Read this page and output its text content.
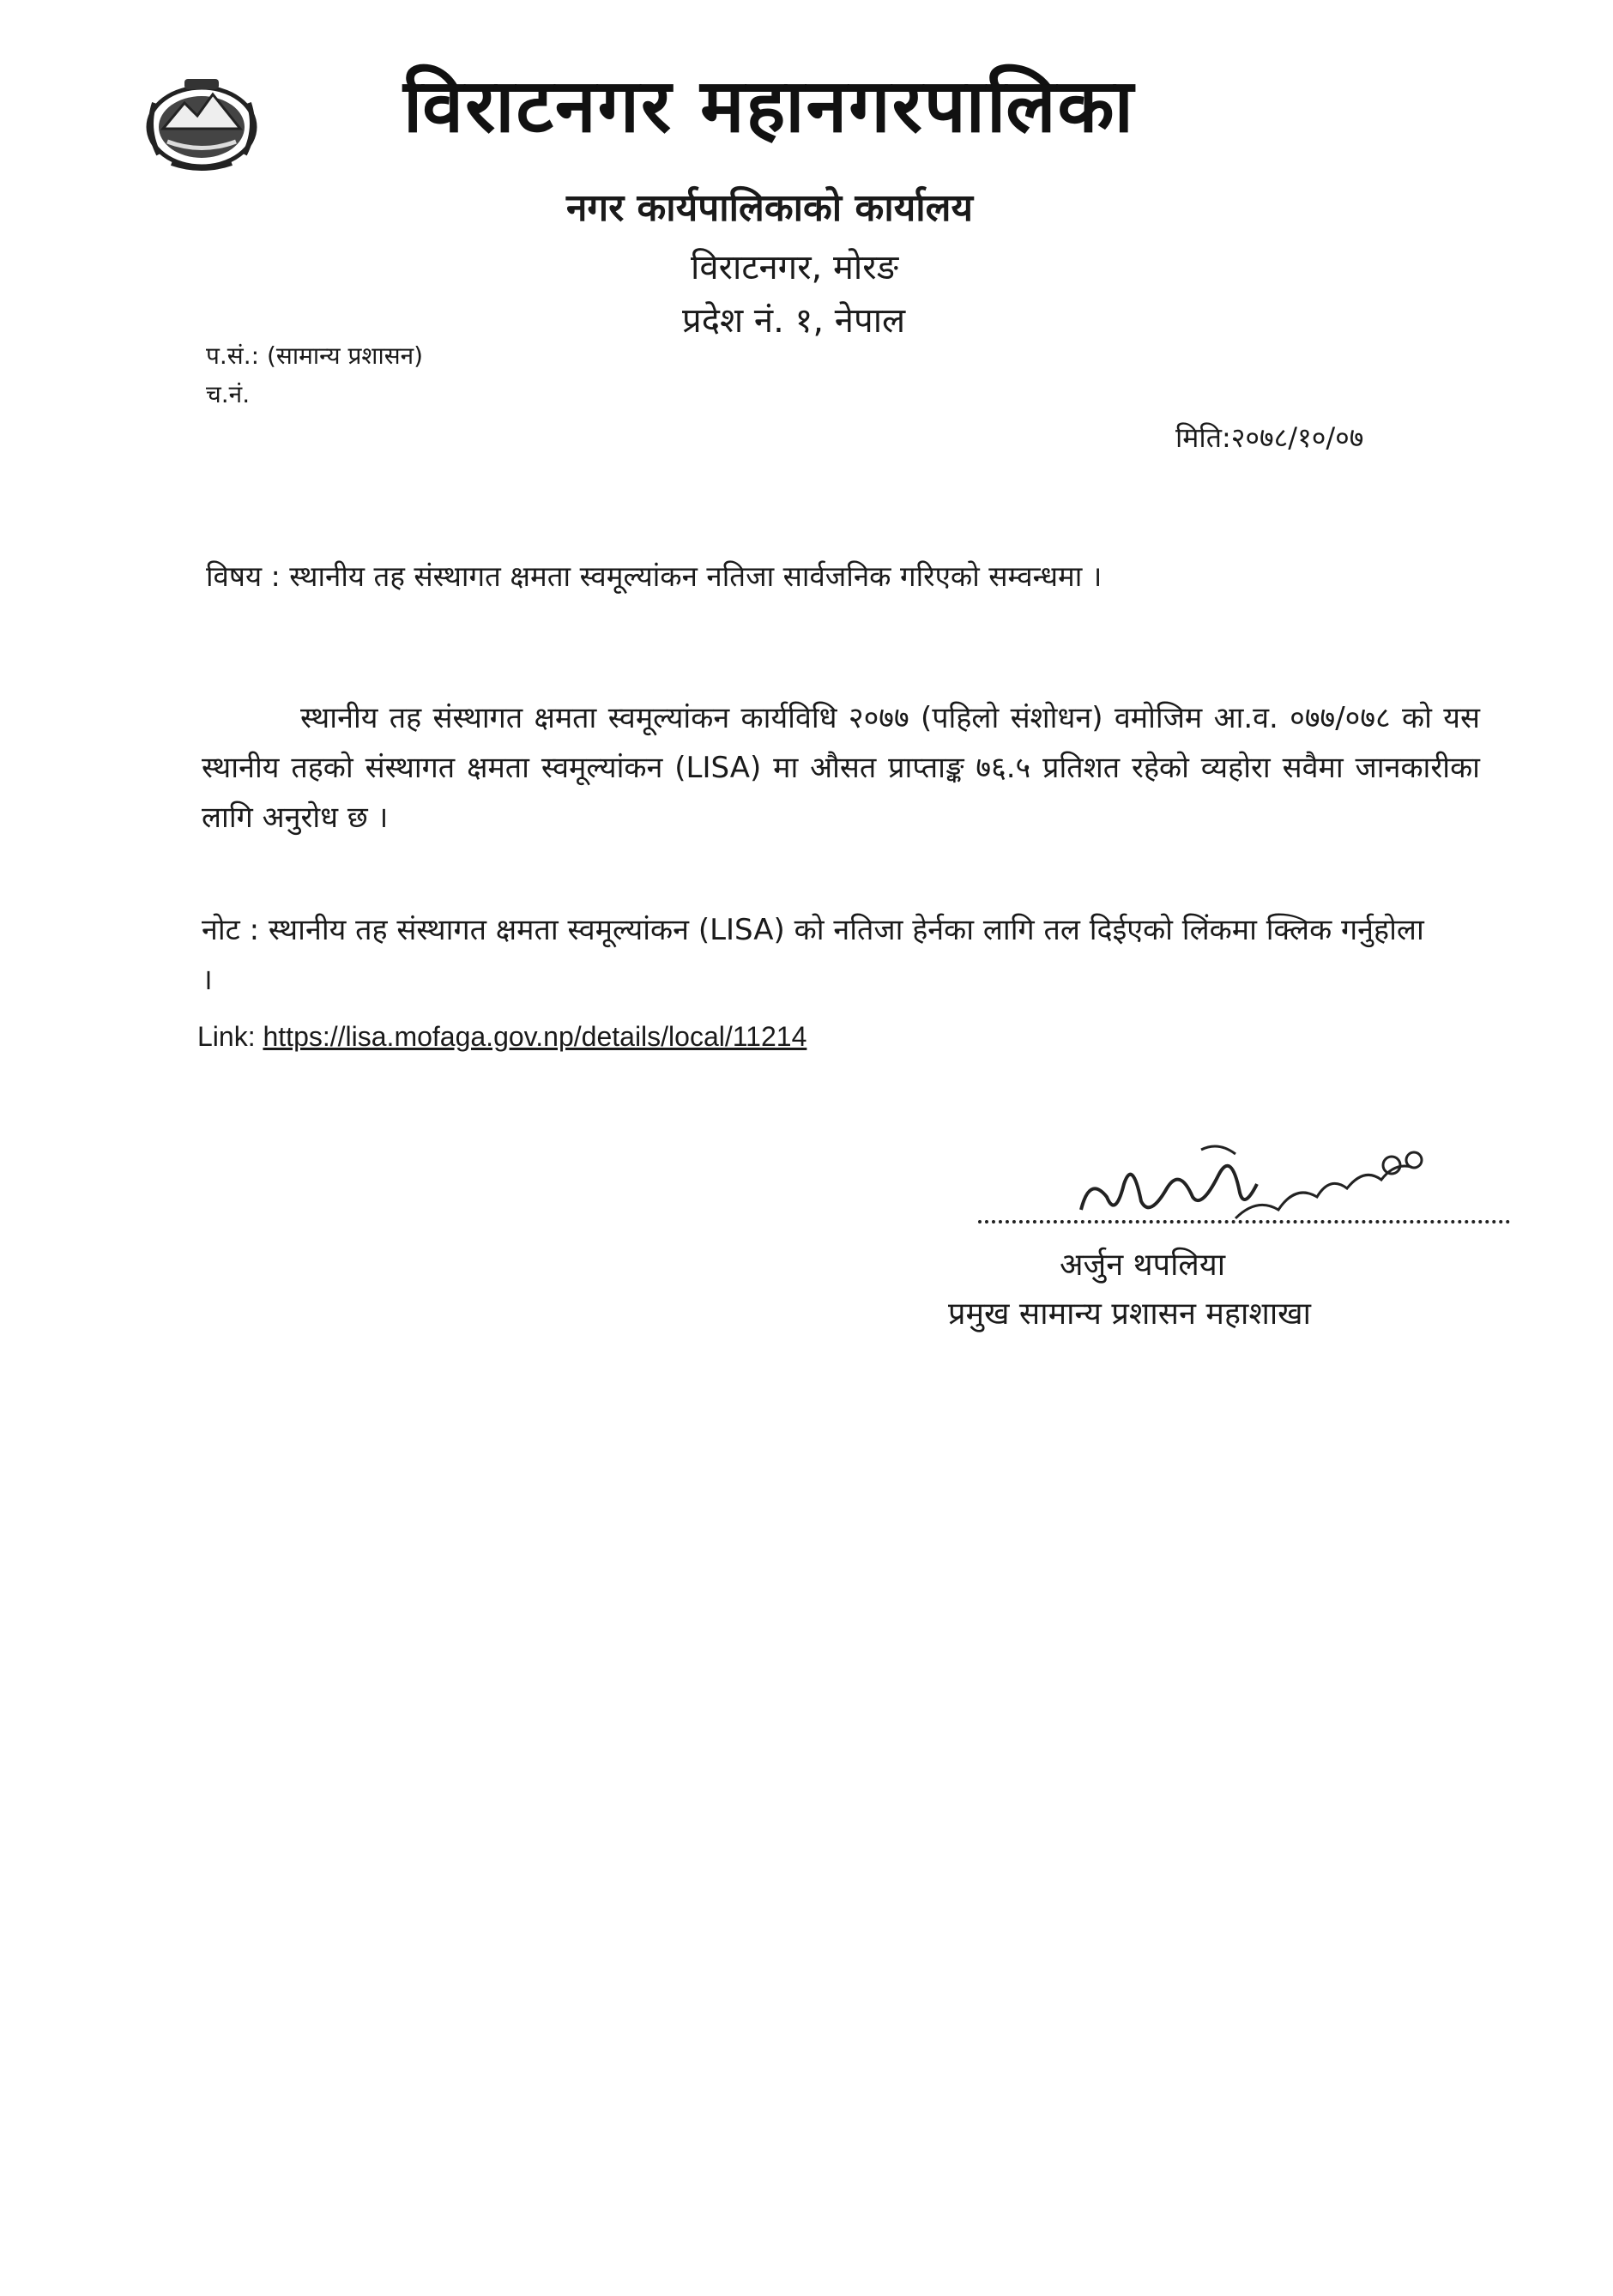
विराटनगर महानगरपालिका
नगर कार्यपालिकाको कार्यालय
विराटनगर, मोरङ
प्रदेश नं. १, नेपाल
प.सं.: (सामान्य प्रशासन)
च.नं.
मिति:२०७८/१०/०७
विषय : स्थानीय तह संस्थागत क्षमता स्वमूल्यांकन नतिजा सार्वजनिक गरिएको सम्वन्धमा ।
स्थानीय तह संस्थागत क्षमता स्वमूल्यांकन कार्यविधि २०७७ (पहिलो संशोधन) वमोजिम आ.व. ०७७/०७८ को यस स्थानीय तहको संस्थागत क्षमता स्वमूल्यांकन (LISA) मा औसत प्राप्ताङ्क ७६.५ प्रतिशत रहेको व्यहोरा सवैमा जानकारीका लागि अनुरोध छ ।
नोट : स्थानीय तह संस्थागत क्षमता स्वमूल्यांकन (LISA) को नतिजा हेर्नका लागि तल दिईएको लिंकमा क्लिक गर्नुहोला ।
Link: https://lisa.mofaga.gov.np/details/local/11214
अर्जुन थपलिया
प्रमुख सामान्य प्रशासन महाशाखा
